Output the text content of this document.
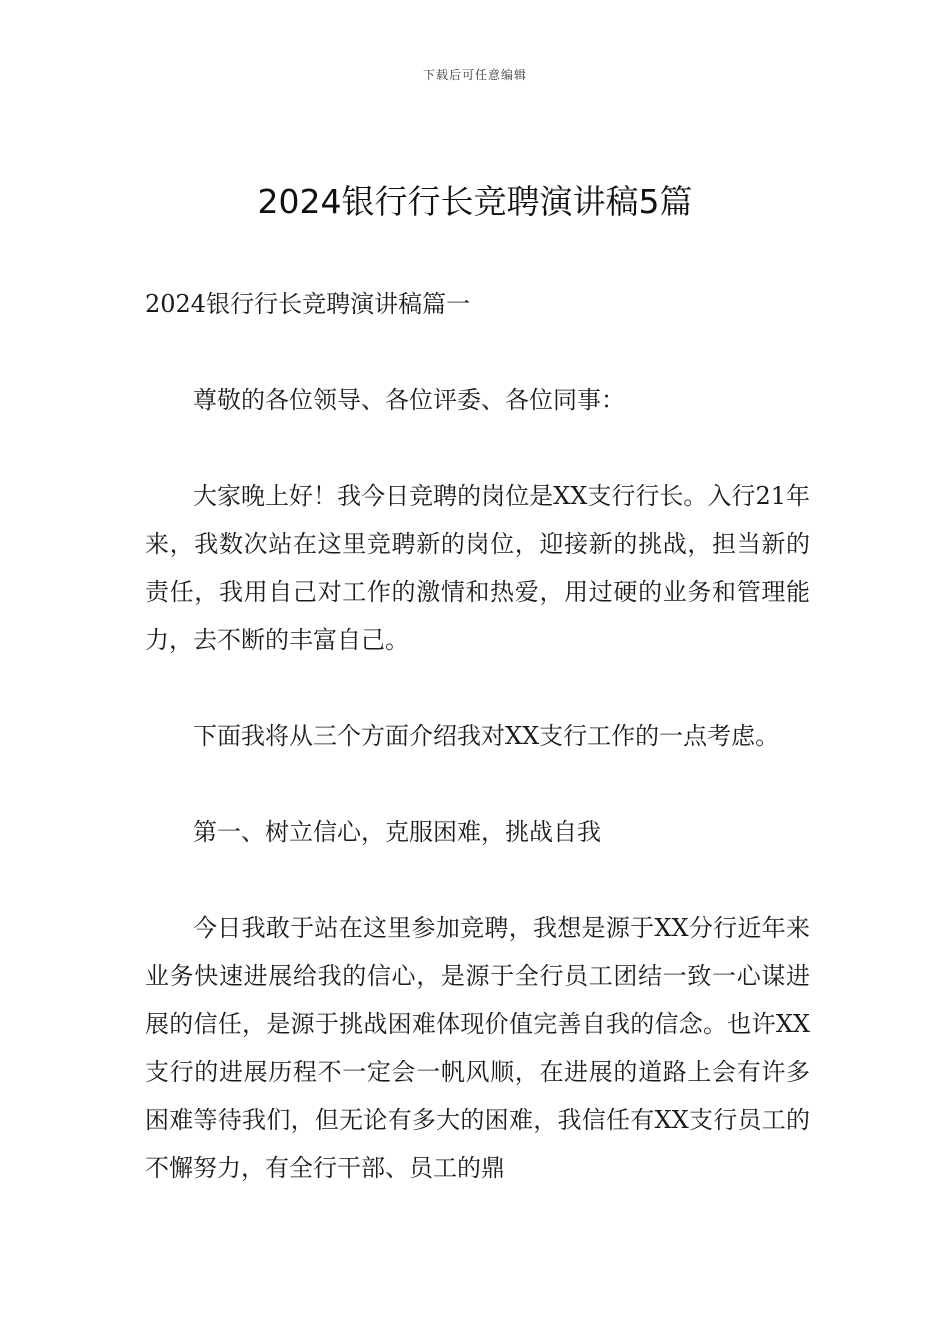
下载后可任意编辑
2024银行行长竞聘演讲稿5篇

2024银行行长竞聘演讲稿篇一

尊敬的各位领导、各位评委、各位同事：

大家晚上好！我今日竞聘的岗位是XX支行行长。入行21年来，我数次站在这里竞聘新的岗位，迎接新的挑战，担当新的责任，我用自己对工作的激情和热爱，用过硬的业务和管理能力，去不断的丰富自己。

下面我将从三个方面介绍我对XX支行工作的一点考虑。

第一、树立信心，克服困难，挑战自我

今日我敢于站在这里参加竞聘，我想是源于XX分行近年来业务快速进展给我的信心，是源于全行员工团结一致一心谋进展的信任，是源于挑战困难体现价值完善自我的信念。也许XX支行的进展历程不一定会一帆风顺，在进展的道路上会有许多困难等待我们，但无论有多大的困难，我信任有XX支行员工的不懈努力，有全行干部、员工的鼎
